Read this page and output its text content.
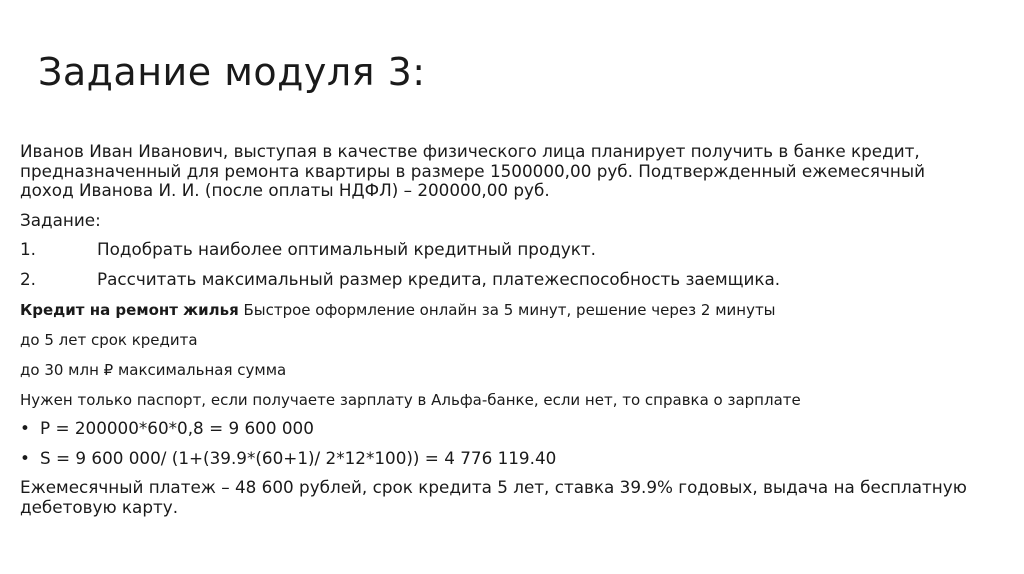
Задание модуля 3:
Иванов Иван Иванович, выступая в качестве физического лица планирует получить в банке кредит,
предназначенный для ремонта квартиры в размере 1500000,00 руб. Подтвержденный ежемесячный
доход Иванова И. И. (после оплаты НДФЛ) – 200000,00 руб.
Задание:
1.	Подобрать наиболее оптимальный кредитный продукт.
2.	Рассчитать максимальный размер кредита, платежеспособность заемщика.
Кредит на ремонт жилья Быстрое оформление онлайн за 5 минут, решение через 2 минуты
до 5 лет срок кредита
до 30 млн ₽ максимальная сумма
Нужен только паспорт, если получаете зарплату в Альфа-банке, если нет, то справка о зарплате
• P = 200000*60*0,8 = 9 600 000
• S = 9 600 000/ (1+(39.9*(60+1)/ 2*12*100)) = 4 776 119.40
Ежемесячный платеж – 48 600 рублей, срок кредита 5 лет, ставка 39.9% годовых, выдача на бесплатную
дебетовую карту.
